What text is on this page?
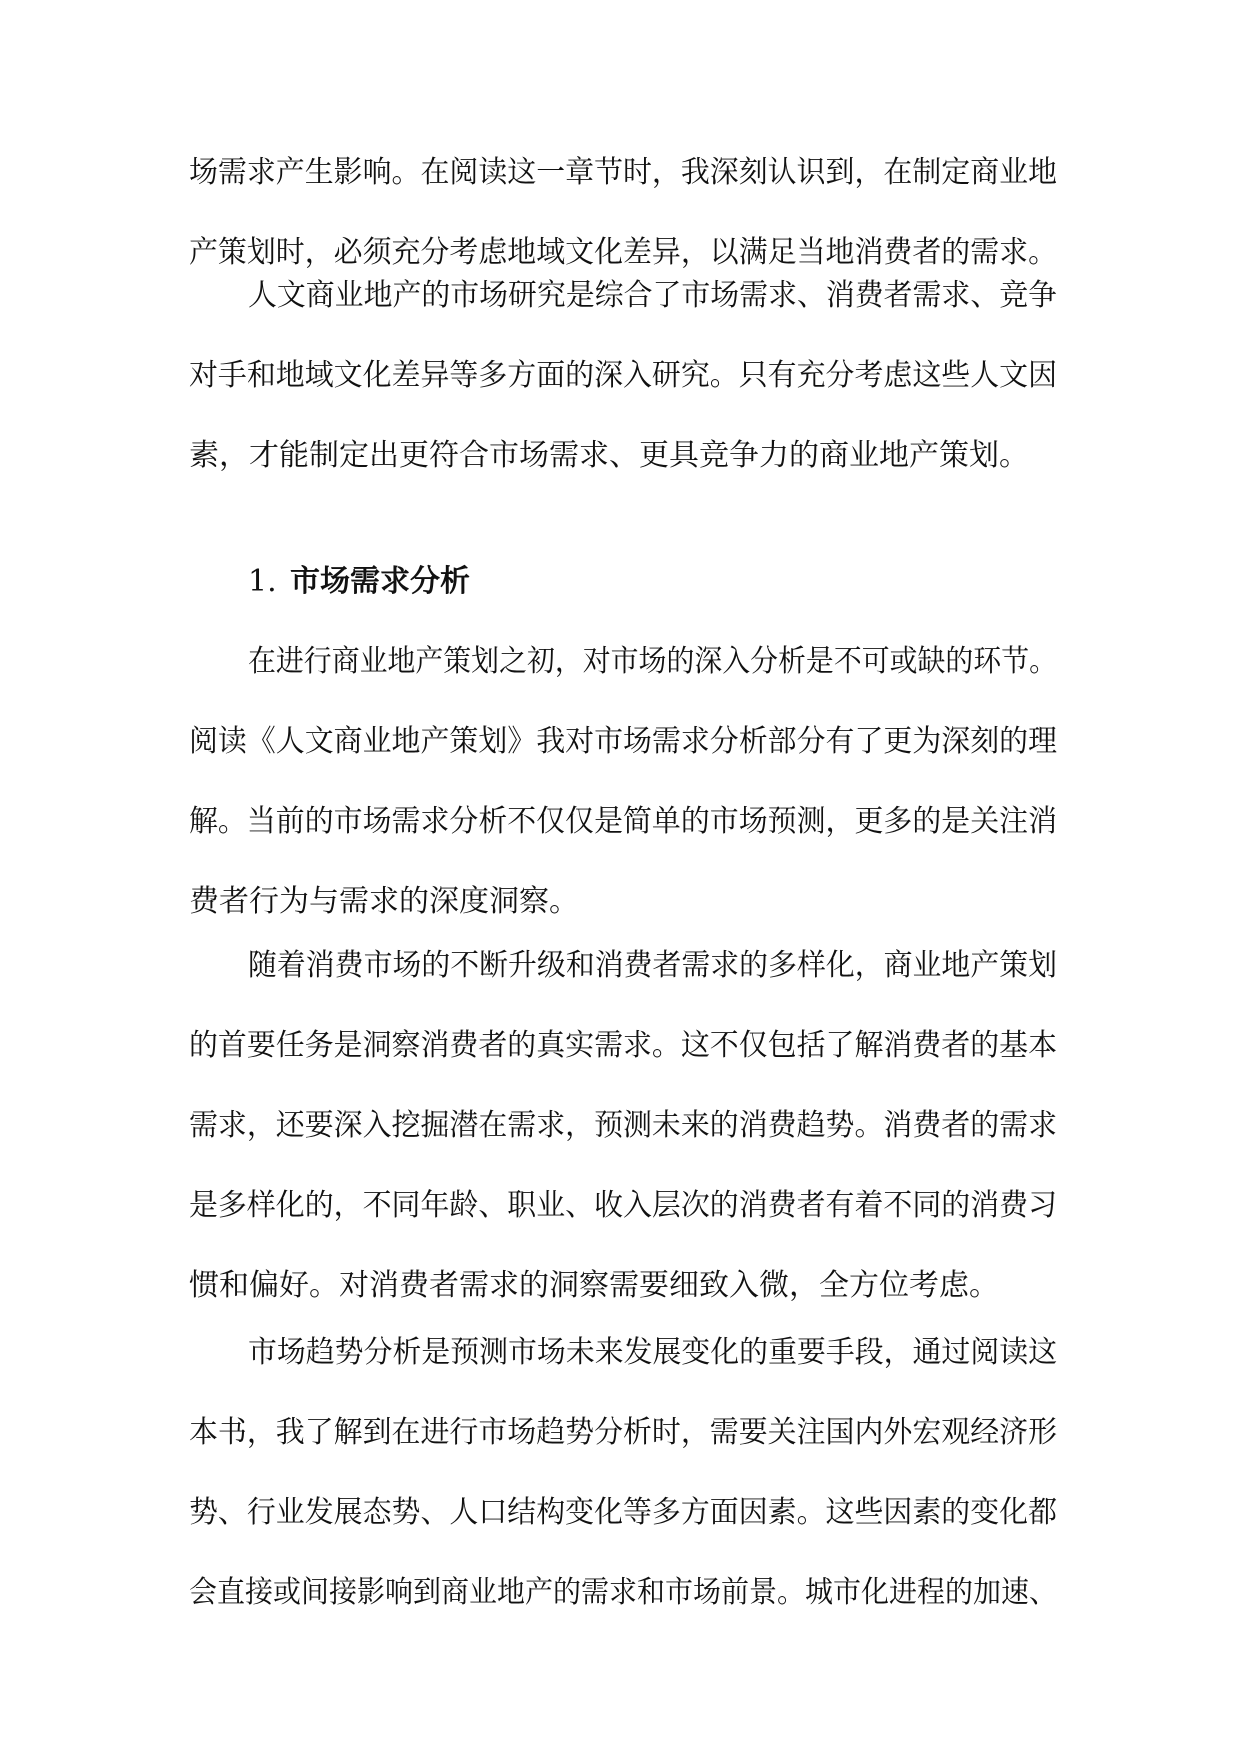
场需求产生影响。在阅读这一章节时，我深刻认识到，在制定商业地
产策划时，必须充分考虑地域文化差异，以满足当地消费者的需求。
人文商业地产的市场研究是综合了市场需求、消费者需求、竞争
对手和地域文化差异等多方面的深入研究。只有充分考虑这些人文因
素，才能制定出更符合市场需求、更具竞争力的商业地产策划。
1. 市场需求分析
在进行商业地产策划之初，对市场的深入分析是不可或缺的环节。
阅读《人文商业地产策划》我对市场需求分析部分有了更为深刻的理
解。当前的市场需求分析不仅仅是简单的市场预测，更多的是关注消
费者行为与需求的深度洞察。
随着消费市场的不断升级和消费者需求的多样化，商业地产策划
的首要任务是洞察消费者的真实需求。这不仅包括了解消费者的基本
需求，还要深入挖掘潜在需求，预测未来的消费趋势。消费者的需求
是多样化的，不同年龄、职业、收入层次的消费者有着不同的消费习
惯和偏好。对消费者需求的洞察需要细致入微，全方位考虑。
市场趋势分析是预测市场未来发展变化的重要手段，通过阅读这
本书，我了解到在进行市场趋势分析时，需要关注国内外宏观经济形
势、行业发展态势、人口结构变化等多方面因素。这些因素的变化都
会直接或间接影响到商业地产的需求和市场前景。城市化进程的加速、
